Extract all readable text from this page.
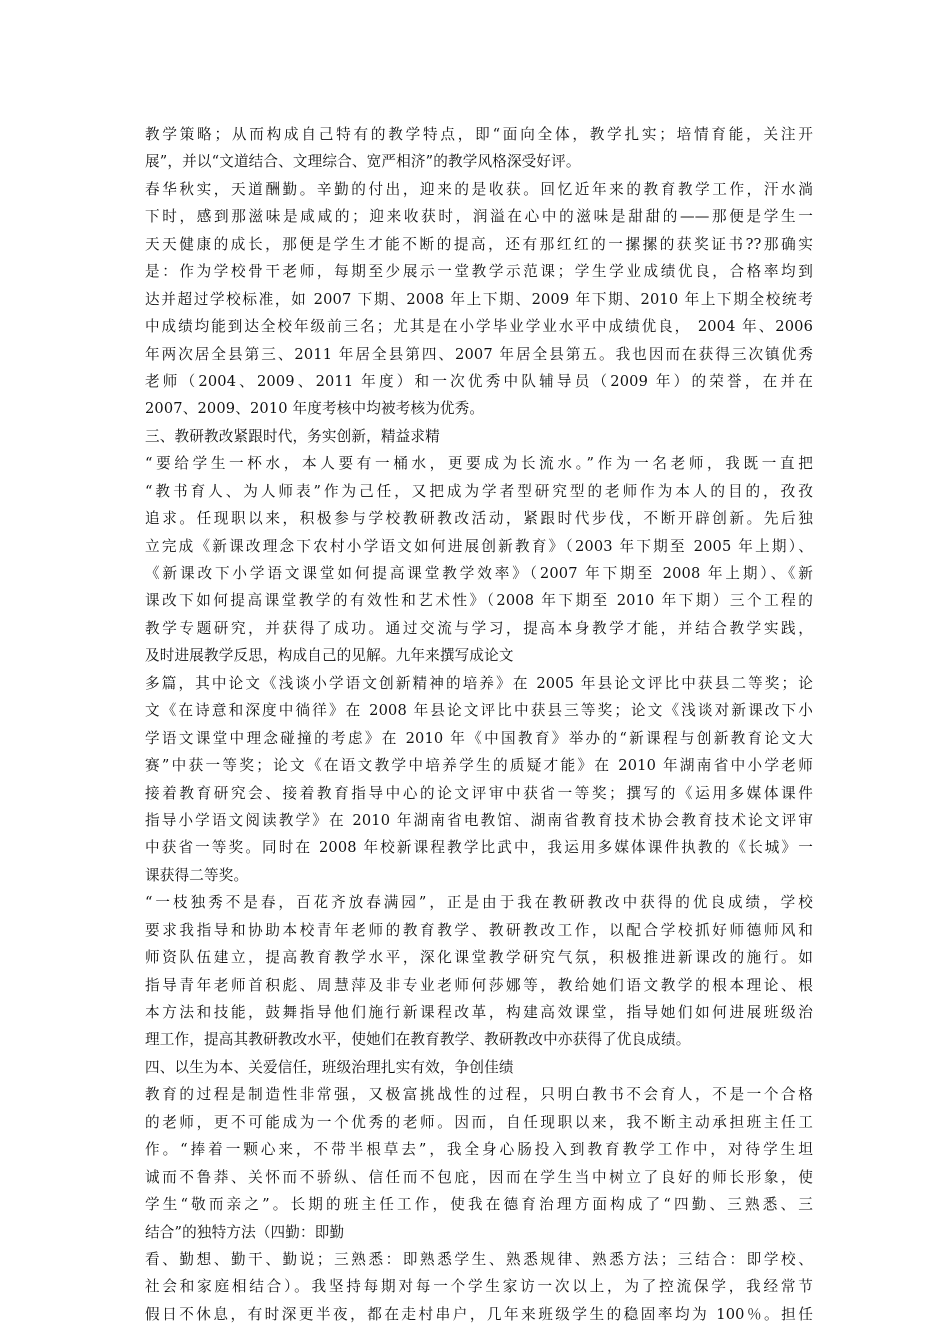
教学策略；从而构成自己特有的教学特点，即“面向全体，教学扎实；培情育能，关注开
展”，并以“文道结合、文理综合、宽严相济”的教学风格深受好评。
春华秋实，天道酬勤。辛勤的付出，迎来的是收获。回忆近年来的教育教学工作，汗水淌
下时，感到那滋味是咸咸的；迎来收获时，润溢在心中的滋味是甜甜的——那便是学生一
天天健康的成长，那便是学生才能不断的提高，还有那红红的一摞摞的获奖证书??那确实
是：作为学校骨干老师，每期至少展示一堂教学示范课；学生学业成绩优良，合格率均到
达并超过学校标准，如 2007 下期、2008 年上下期、2009 年下期、2010 年上下期全校统考
中成绩均能到达全校年级前三名；尤其是在小学毕业学业水平中成绩优良， 2004 年、2006
年两次居全县第三、2011 年居全县第四、2007 年居全县第五。我也因而在获得三次镇优秀
老师（2004、2009、2011 年度）和一次优秀中队辅导员（2009 年）的荣誉，在并在
2007、2009、2010 年度考核中均被考核为优秀。
三、教研教改紧跟时代，务实创新，精益求精
“要给学生一杯水，本人要有一桶水，更要成为长流水。”作为一名老师，我既一直把
“教书育人、为人师表”作为己任，又把成为学者型研究型的老师作为本人的目的，孜孜
追求。任现职以来，积极参与学校教研教改活动，紧跟时代步伐，不断开辟创新。先后独
立完成《新课改理念下农村小学语文如何进展创新教育》（2003 年下期至 2005 年上期）、
《新课改下小学语文课堂如何提高课堂教学效率》（2007 年下期至 2008 年上期）、《新
课改下如何提高课堂教学的有效性和艺术性》（2008 年下期至 2010 年下期）三个工程的
教学专题研究，并获得了成功。通过交流与学习，提高本身教学才能，并结合教学实践，
及时进展教学反思，构成自己的见解。九年来撰写成论文
多篇，其中论文《浅谈小学语文创新精神的培养》在 2005 年县论文评比中获县二等奖；论
文《在诗意和深度中徜徉》在 2008 年县论文评比中获县三等奖；论文《浅谈对新课改下小
学语文课堂中理念碰撞的考虑》在 2010 年《中国教育》举办的“新课程与创新教育论文大
赛”中获一等奖；论文《在语文教学中培养学生的质疑才能》在 2010 年湖南省中小学老师
接着教育研究会、接着教育指导中心的论文评审中获省一等奖；撰写的《运用多媒体课件
指导小学语文阅读教学》在 2010 年湖南省电教馆、湖南省教育技术协会教育技术论文评审
中获省一等奖。同时在 2008 年校新课程教学比武中，我运用多媒体课件执教的《长城》一
课获得二等奖。
“一枝独秀不是春，百花齐放春满园”，正是由于我在教研教改中获得的优良成绩，学校
要求我指导和协助本校青年老师的教育教学、教研教改工作，以配合学校抓好师德师风和
师资队伍建立，提高教育教学水平，深化课堂教学研究气氛，积极推进新课改的施行。如
指导青年老师首积彪、周慧萍及非专业老师何莎娜等，教给她们语文教学的根本理论、根
本方法和技能，鼓舞指导他们施行新课程改革，构建高效课堂，指导她们如何进展班级治
理工作，提高其教研教改水平，使她们在教育教学、教研教改中亦获得了优良成绩。
四、以生为本、关爱信任，班级治理扎实有效，争创佳绩
教育的过程是制造性非常强，又极富挑战性的过程，只明白教书不会育人，不是一个合格
的老师，更不可能成为一个优秀的老师。因而，自任现职以来，我不断主动承担班主任工
作。“捧着一颗心来，不带半根草去”，我全身心肠投入到教育教学工作中，对待学生坦
诚而不鲁莽、关怀而不骄纵、信任而不包庇，因而在学生当中树立了良好的师长形象，使
学生“敬而亲之”。长期的班主任工作，使我在德育治理方面构成了“四勤、三熟悉、三
结合”的独特方法（四勤：即勤
看、勤想、勤干、勤说；三熟悉：即熟悉学生、熟悉规律、熟悉方法；三结合：即学校、
社会和家庭相结合）。我坚持每期对每一个学生家访一次以上，为了控流保学，我经常节
假日不休息，有时深更半夜，都在走村串户，几年来班级学生的稳固率均为 100％。担任
